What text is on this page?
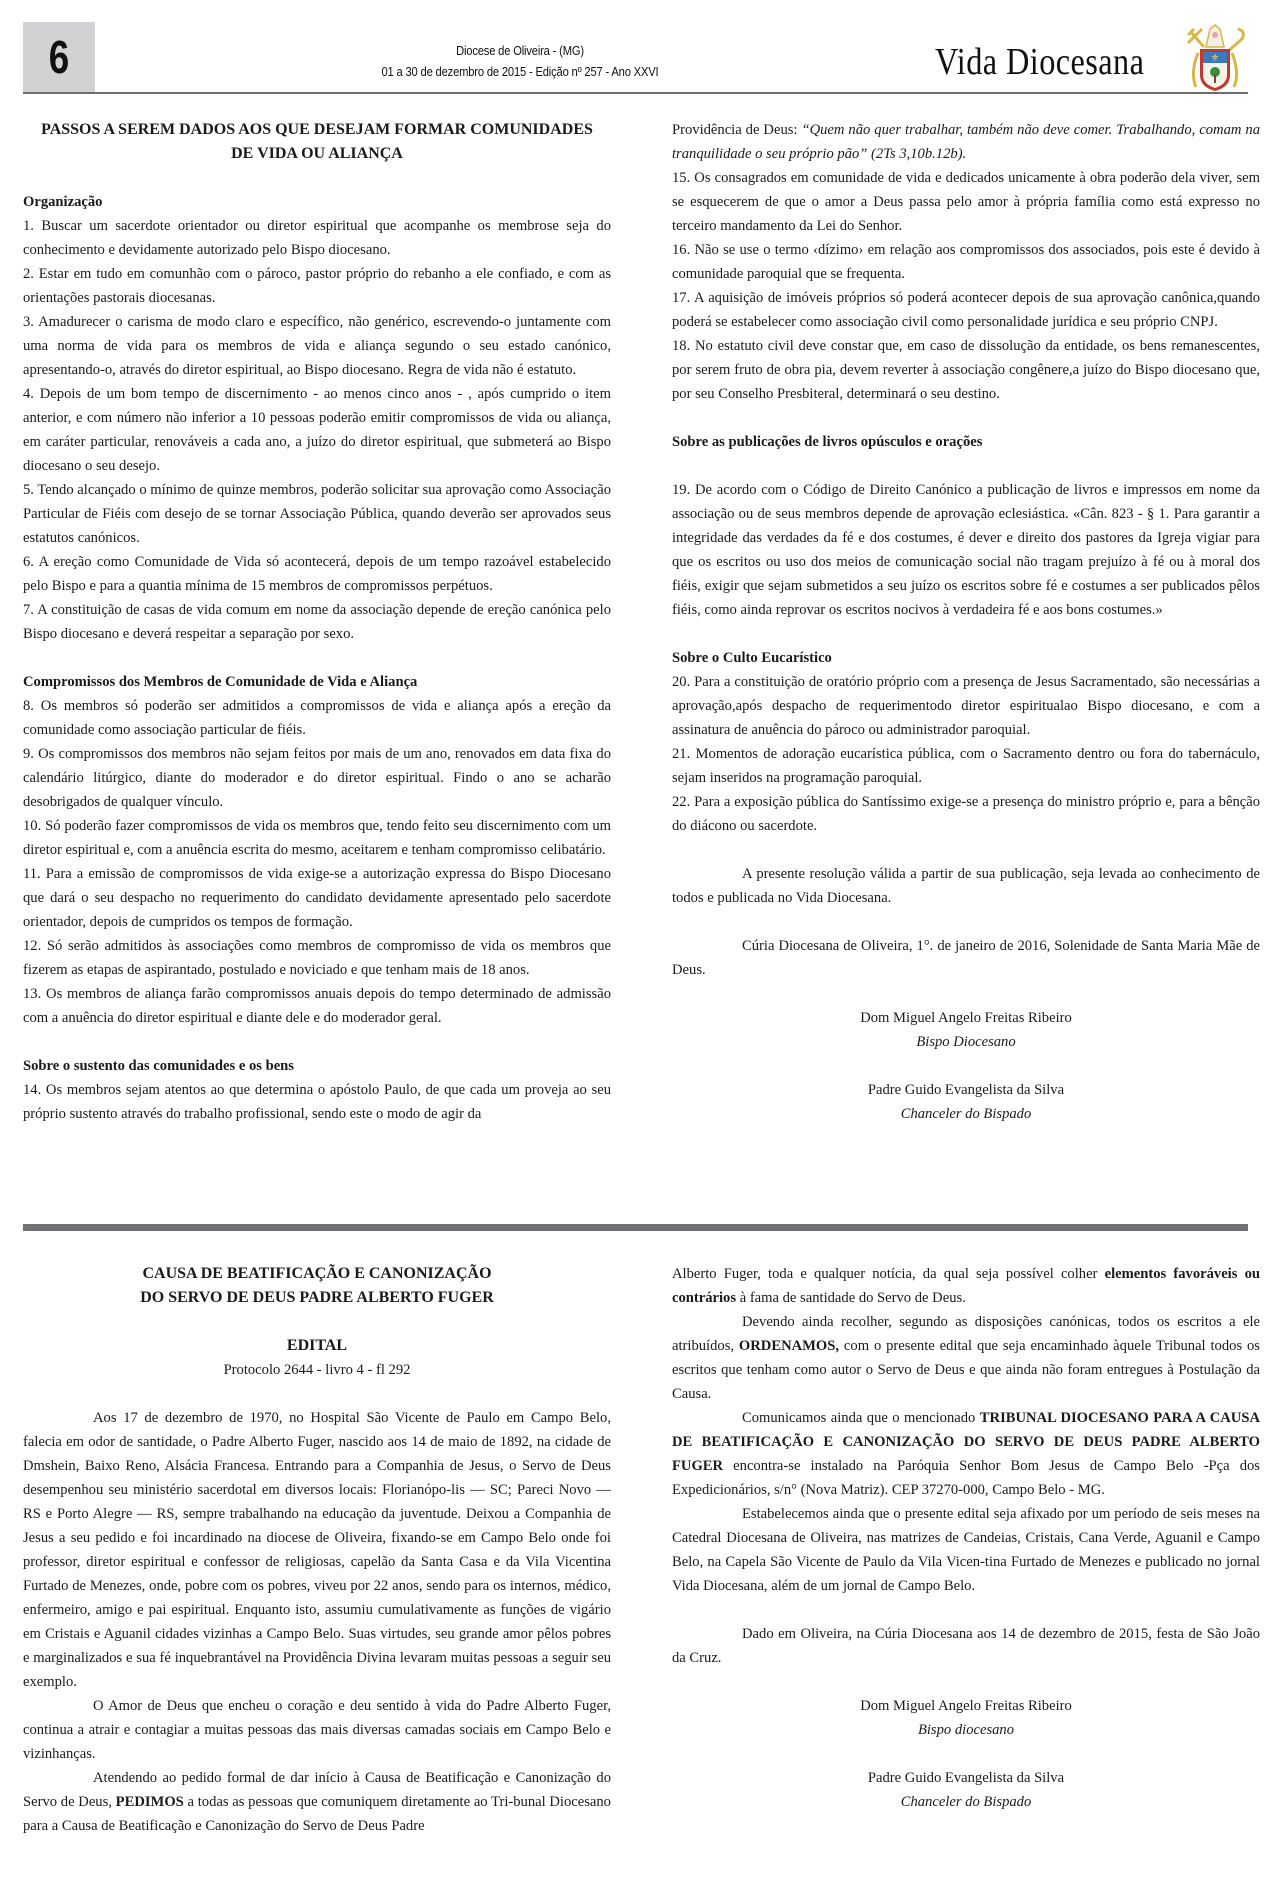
6	Diocese de Oliveira - (MG)
01 a 30 de dezembro de 2015 - Edição nº 257 - Ano XXVI	Vida Diocesana	⚜

PASSOS A SEREM DADOS AOS QUE DESEJAM FORMAR COMUNIDADES

DE VIDA OU ALIANÇA

Organização

1. Buscar um sacerdote orientador ou diretor espiritual que acompanhe os membrose seja do conhecimento e devidamente autorizado pelo Bispo diocesano.

2. Estar em tudo em comunhão com o pároco, pastor próprio do rebanho a ele confiado, e com as orientações pastorais diocesanas.

3. Amadurecer o carisma de modo claro e específico, não genérico, escrevendo-o juntamente com uma norma de vida para os membros de vida e aliança segundo o seu estado canónico, apresentando-o, através do diretor espiritual, ao Bispo diocesano. Regra de vida não é estatuto.

4. Depois de um bom tempo de discernimento - ao menos cinco anos - , após cumprido o item anterior, e com número não inferior a 10 pessoas poderão emitir compromissos de vida ou aliança, em caráter particular, renováveis a cada ano, a juízo do diretor espiritual, que submeterá ao Bispo diocesano o seu desejo.

5. Tendo alcançado o mínimo de quinze membros, poderão solicitar sua aprovação como Associação Particular de Fiéis com desejo de se tornar Associação Pública, quando deverão ser aprovados seus estatutos canónicos.

6. A ereção como Comunidade de Vida só acontecerá, depois de um tempo razoável estabelecido pelo Bispo e para a quantia mínima de 15 membros de compromissos perpétuos.

7. A constituição de casas de vida comum em nome da associação depende de ereção canónica pelo Bispo diocesano e deverá respeitar a separação por sexo.

Compromissos dos Membros de Comunidade de Vida e Aliança

8. Os membros só poderão ser admitidos a compromissos de vida e aliança após a ereção da comunidade como associação particular de fiéis.

9. Os compromissos dos membros não sejam feitos por mais de um ano, renovados em data fixa do calendário litúrgico, diante do moderador e do diretor espiritual. Findo o ano se acharão desobrigados de qualquer vínculo.

10. Só poderão fazer compromissos de vida os membros que, tendo feito seu discernimento com um diretor espiritual e, com a anuência escrita do mesmo, aceitarem e tenham compromisso celibatário.

11. Para a emissão de compromissos de vida exige-se a autorização expressa do Bispo Diocesano que dará o seu despacho no requerimento do candidato devidamente apresentado pelo sacerdote orientador, depois de cumpridos os tempos de formação.

12. Só serão admitidos às associações como membros de compromisso de vida os membros que fizerem as etapas de aspirantado, postulado e noviciado e que tenham mais de 18 anos.

13. Os membros de aliança farão compromissos anuais depois do tempo determinado de admissão com a anuência do diretor espiritual e diante dele e do moderador geral.

Sobre o sustento das comunidades e os bens

14. Os membros sejam atentos ao que determina o apóstolo Paulo, de que cada um proveja ao seu próprio sustento através do trabalho profissional, sendo este o modo de agir da

Providência de Deus: “Quem não quer trabalhar, também não deve comer. Trabalhando, comam na tranquilidade o seu próprio pão” (2Ts 3,10b.12b).

15. Os consagrados em comunidade de vida e dedicados unicamente à obra poderão dela viver, sem se esquecerem de que o amor a Deus passa pelo amor à própria família como está expresso no terceiro mandamento da Lei do Senhor.

16. Não se use o termo ‹dízimo› em relação aos compromissos dos associados, pois este é devido à comunidade paroquial que se frequenta.

17. A aquisição de imóveis próprios só poderá acontecer depois de sua aprovação canônica,quando poderá se estabelecer como associação civil como personalidade jurídica e seu próprio CNPJ.

18. No estatuto civil deve constar que, em caso de dissolução da entidade, os bens remanescentes, por serem fruto de obra pia, devem reverter à associação congênere,a juízo do Bispo diocesano que, por seu Conselho Presbiteral, determinará o seu destino.

Sobre as publicações de livros opúsculos e orações

19. De acordo com o Código de Direito Canónico a publicação de livros e impressos em nome da associação ou de seus membros depende de aprovação eclesiástica. «Cân. 823 - § 1. Para garantir a integridade das verdades da fé e dos costumes, é dever e direito dos pastores da Igreja vigiar para que os escritos ou uso dos meios de comunicação social não tragam prejuízo à fé ou à moral dos fiéis, exigir que sejam submetidos a seu juízo os escritos sobre fé e costumes a ser publicados pêlos fiéis, como ainda reprovar os escritos nocivos à verdadeira fé e aos bons costumes.»

Sobre o Culto Eucarístico

20. Para a constituição de oratório próprio com a presença de Jesus Sacramentado, são necessárias a aprovação,após despacho de requerimentodo diretor espiritualao Bispo diocesano, e com a assinatura de anuência do pároco ou administrador paroquial.

21. Momentos de adoração eucarística pública, com o Sacramento dentro ou fora do tabernáculo, sejam inseridos na programação paroquial.

22. Para a exposição pública do Santíssimo exige-se a presença do ministro próprio e, para a bênção do diácono ou sacerdote.

A presente resolução válida a partir de sua publicação, seja levada ao conhecimento de todos e publicada no Vida Diocesana.

Cúria Diocesana de Oliveira, 1°. de janeiro de 2016, Solenidade de Santa Maria Mãe de Deus.

Dom Miguel Angelo Freitas Ribeiro

Bispo Diocesano

Padre Guido Evangelista da Silva

Chanceler do Bispado

CAUSA DE BEATIFICAÇÃO E CANONIZAÇÃO

DO SERVO DE DEUS PADRE ALBERTO FUGER

EDITAL

Protocolo 2644 - livro 4 - fl 292

Aos 17 de dezembro de 1970, no Hospital São Vicente de Paulo em Campo Belo, falecia em odor de santidade, o Padre Alberto Fuger, nascido aos 14 de maio de 1892, na cidade de Dmshein, Baixo Reno, Alsácia Francesa. Entrando para a Companhia de Jesus, o Servo de Deus desempenhou seu ministério sacerdotal em diversos locais: Florianópo-lis — SC; Pareci Novo — RS e Porto Alegre — RS, sempre trabalhando na educação da juventude. Deixou a Companhia de Jesus a seu pedido e foi incardinado na diocese de Oliveira, fixando-se em Campo Belo onde foi professor, diretor espiritual e confessor de religiosas, capelão da Santa Casa e da Vila Vicentina Furtado de Menezes, onde, pobre com os pobres, viveu por 22 anos, sendo para os internos, médico, enfermeiro, amigo e pai espiritual. Enquanto isto, assumiu cumulativamente as funções de vigário em Cristais e Aguanil cidades vizinhas a Campo Belo. Suas virtudes, seu grande amor pêlos pobres e marginalizados e sua fé inquebrantável na Providência Divina levaram muitas pessoas a seguir seu exemplo.

O Amor de Deus que encheu o coração e deu sentido à vida do Padre Alberto Fuger, continua a atrair e contagiar a muitas pessoas das mais diversas camadas sociais em Campo Belo e vizinhanças.

Atendendo ao pedido formal de dar início à Causa de Beatificação e Canonização do Servo de Deus, PEDIMOS a todas as pessoas que comuniquem diretamente ao Tri-bunal Diocesano para a Causa de Beatificação e Canonização do Servo de Deus Padre

Alberto Fuger, toda e qualquer notícia, da qual seja possível colher elementos favoráveis ou contrários à fama de santidade do Servo de Deus.

Devendo ainda recolher, segundo as disposições canónicas, todos os escritos a ele atribuídos, ORDENAMOS, com o presente edital que seja encaminhado àquele Tribunal todos os escritos que tenham como autor o Servo de Deus e que ainda não foram entregues à Postulação da Causa.

Comunicamos ainda que o mencionado TRIBUNAL DIOCESANO PARA A CAUSA DE BEATIFICAÇÃO E CANONIZAÇÃO DO SERVO DE DEUS PADRE ALBERTO FUGER encontra-se instalado na Paróquia Senhor Bom Jesus de Campo Belo -Pça dos Expedicionários, s/n° (Nova Matriz). CEP 37270-000, Campo Belo - MG.

Estabelecemos ainda que o presente edital seja afixado por um período de seis meses na Catedral Diocesana de Oliveira, nas matrizes de Candeias, Cristais, Cana Verde, Aguanil e Campo Belo, na Capela São Vicente de Paulo da Vila Vicen-tina Furtado de Menezes e publicado no jornal Vida Diocesana, além de um jornal de Campo Belo.

Dado em Oliveira, na Cúria Diocesana aos 14 de dezembro de 2015, festa de São João da Cruz.

Dom Miguel Angelo Freitas Ribeiro

Bispo diocesano

Padre Guido Evangelista da Silva

Chanceler do Bispado
